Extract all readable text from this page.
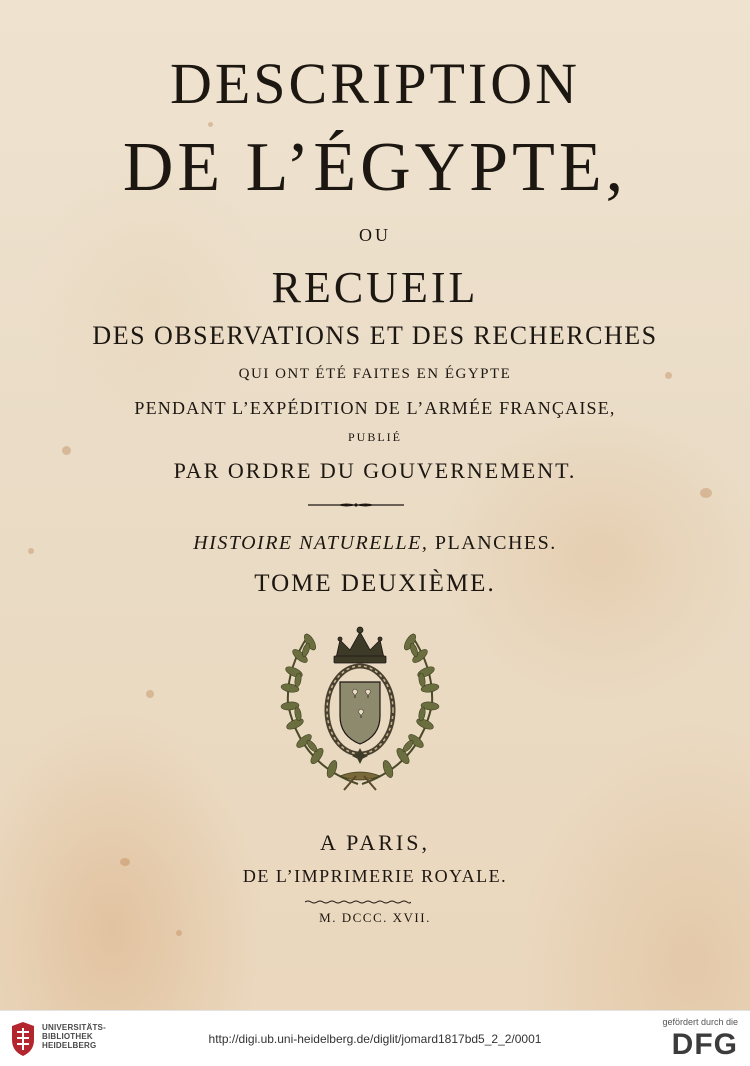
DESCRIPTION
DE L’ÉGYPTE,
OU
RECUEIL
DES OBSERVATIONS ET DES RECHERCHES
QUI ONT ÉTÉ FAITES EN ÉGYPTE
PENDANT L’EXPÉDITION DE L’ARMÉE FRANÇAISE,
PUBLIÉ
PAR ORDRE DU GOUVERNEMENT.
HISTOIRE NATURELLE, PLANCHES.
TOME DEUXIÈME.
A PARIS,
DE L’IMPRIMERIE ROYALE.
M. DCCC. XVII.
UNIVERSITÄTS-
BIBLIOTHEK
HEIDELBERG	http://digi.ub.uni-heidelberg.de/diglit/jomard1817bd5_2_2/0001
gefördert durch die
DFG
